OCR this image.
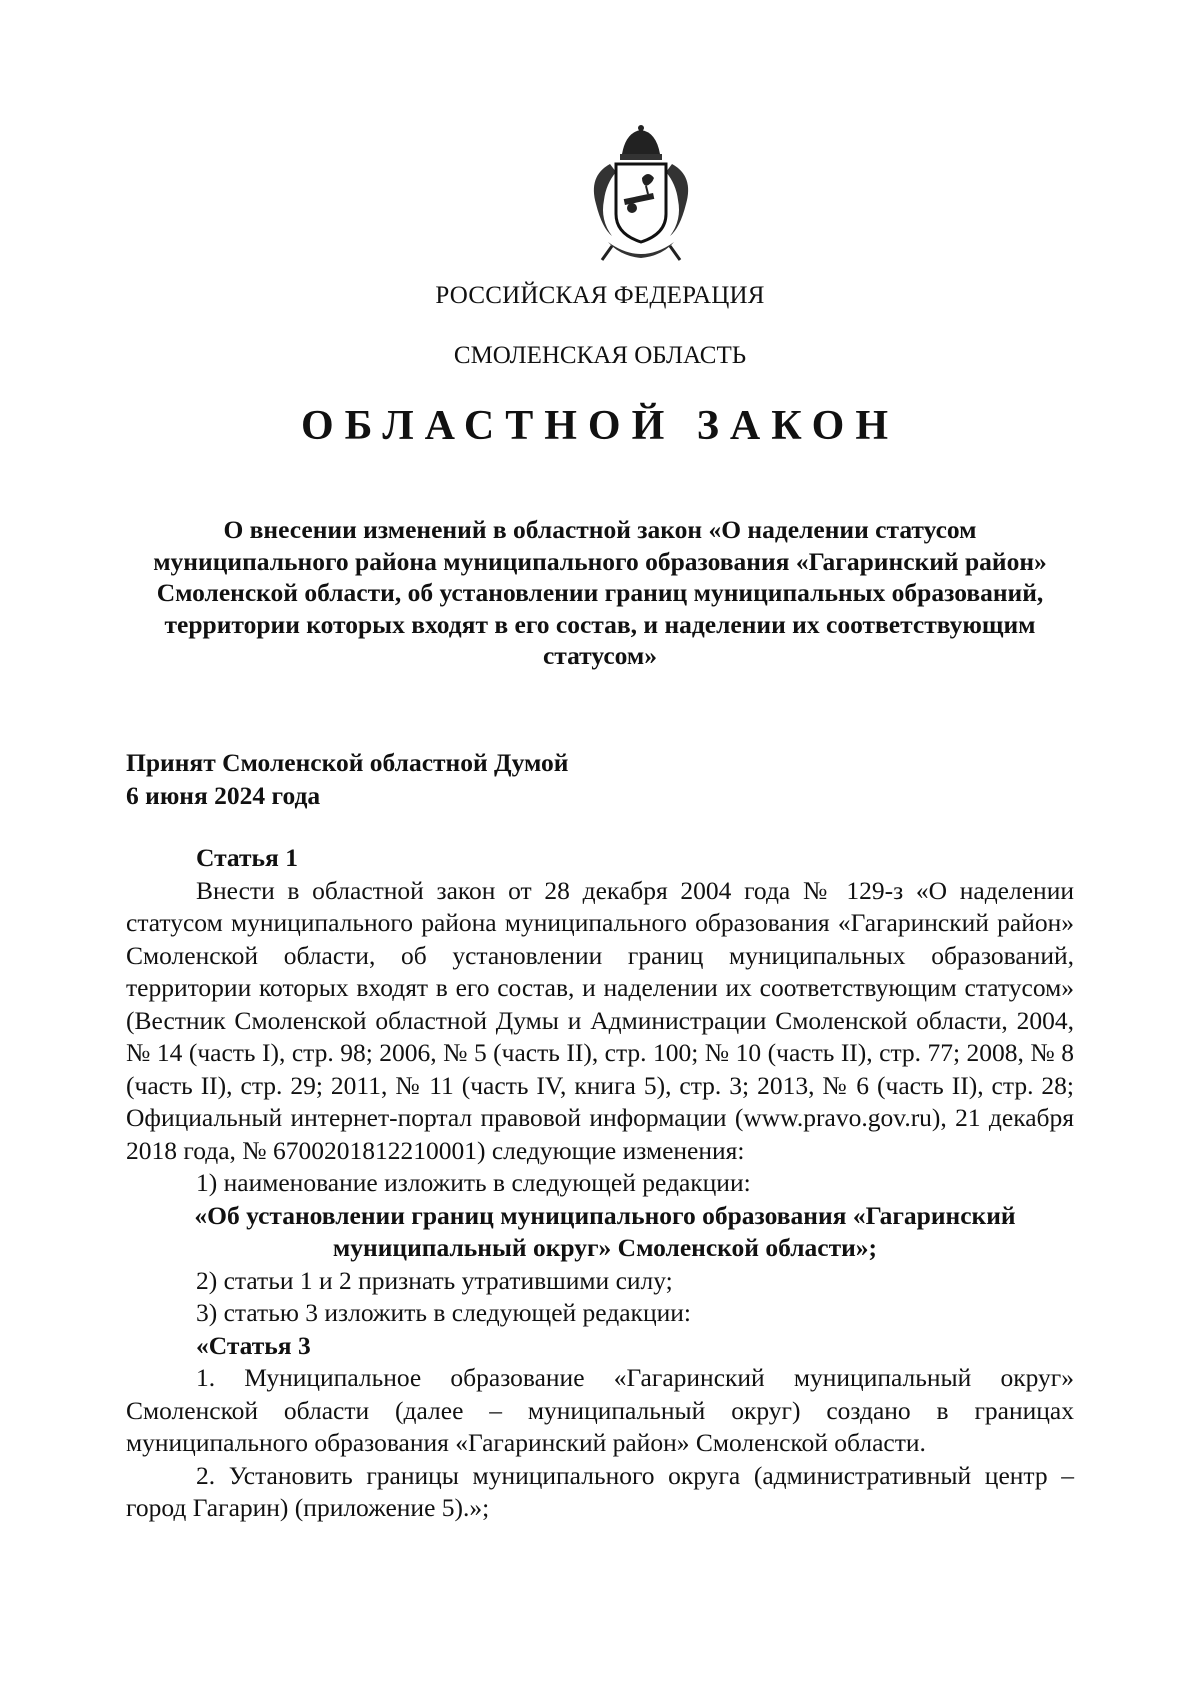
РОССИЙСКАЯ ФЕДЕРАЦИЯ
СМОЛЕНСКАЯ ОБЛАСТЬ
ОБЛАСТНОЙ ЗАКОН
О внесении изменений в областной закон «О наделении статусом муниципального района муниципального образования «Гагаринский район» Смоленской области, об установлении границ муниципальных образований, территории которых входят в его состав, и наделении их соответствующим статусом»
Принят Смоленской областной Думой
6 июня 2024 года

Статья 1

Внести в областной закон от 28 декабря 2004 года № 129-з «О наделении статусом муниципального района муниципального образования «Гагаринский район» Смоленской области, об установлении границ муниципальных образований, территории которых входят в его состав, и наделении их соответствующим статусом» (Вестник Смоленской областной Думы и Администрации Смоленской области, 2004, № 14 (часть I), стр. 98; 2006, № 5 (часть II), стр. 100; № 10 (часть II), стр. 77; 2008, № 8 (часть II), стр. 29; 2011, № 11 (часть IV, книга 5), стр. 3; 2013, № 6 (часть II), стр. 28; Официальный интернет-портал правовой информации (www.pravo.gov.ru), 21 декабря 2018 года, № 6700201812210001) следующие изменения:

1) наименование изложить в следующей редакции:

«Об установлении границ муниципального образования «Гагаринский муниципальный округ» Смоленской области»;

2) статьи 1 и 2 признать утратившими силу;

3) статью 3 изложить в следующей редакции:

«Статья 3

1. Муниципальное образование «Гагаринский муниципальный округ» Смоленской области (далее – муниципальный округ) создано в границах муниципального образования «Гагаринский район» Смоленской области.

2. Установить границы муниципального округа (административный центр – город Гагарин) (приложение 5).»;
